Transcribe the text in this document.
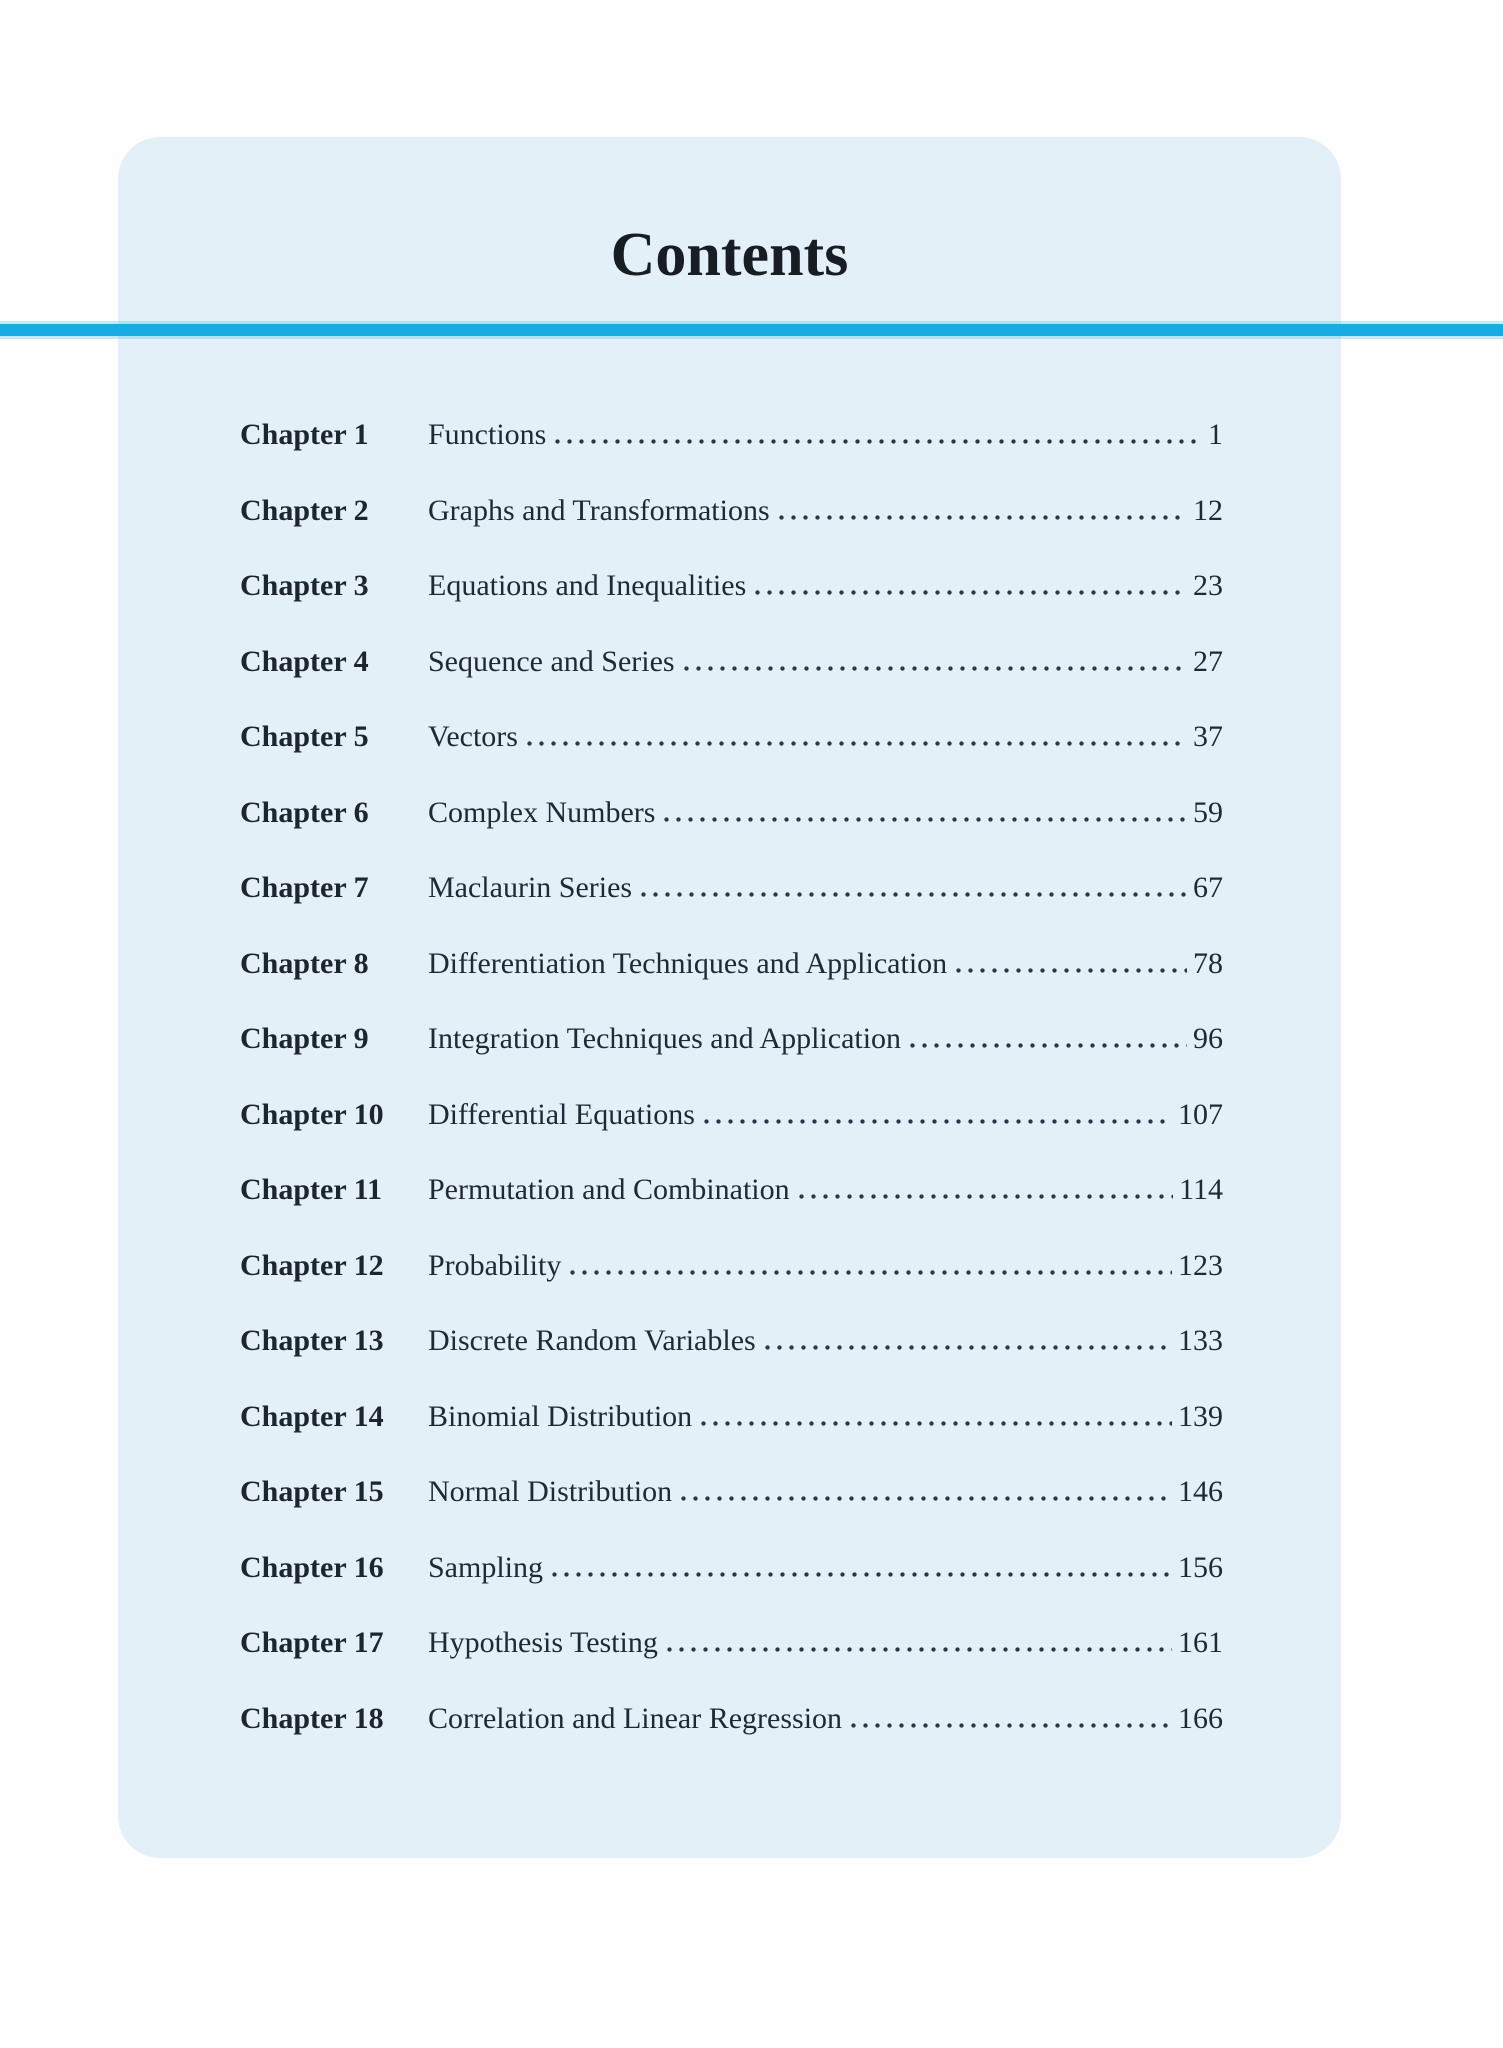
Contents
Chapter 1	Functions	1
Chapter 2	Graphs and Transformations	12
Chapter 3	Equations and Inequalities	23
Chapter 4	Sequence and Series	27
Chapter 5	Vectors	37
Chapter 6	Complex Numbers	59
Chapter 7	Maclaurin Series	67
Chapter 8	Differentiation Techniques and Application	78
Chapter 9	Integration Techniques and Application	96
Chapter 10	Differential Equations	107
Chapter 11	Permutation and Combination	114
Chapter 12	Probability	123
Chapter 13	Discrete Random Variables	133
Chapter 14	Binomial Distribution	139
Chapter 15	Normal Distribution	146
Chapter 16	Sampling	156
Chapter 17	Hypothesis Testing	161
Chapter 18	Correlation and Linear Regression	166
